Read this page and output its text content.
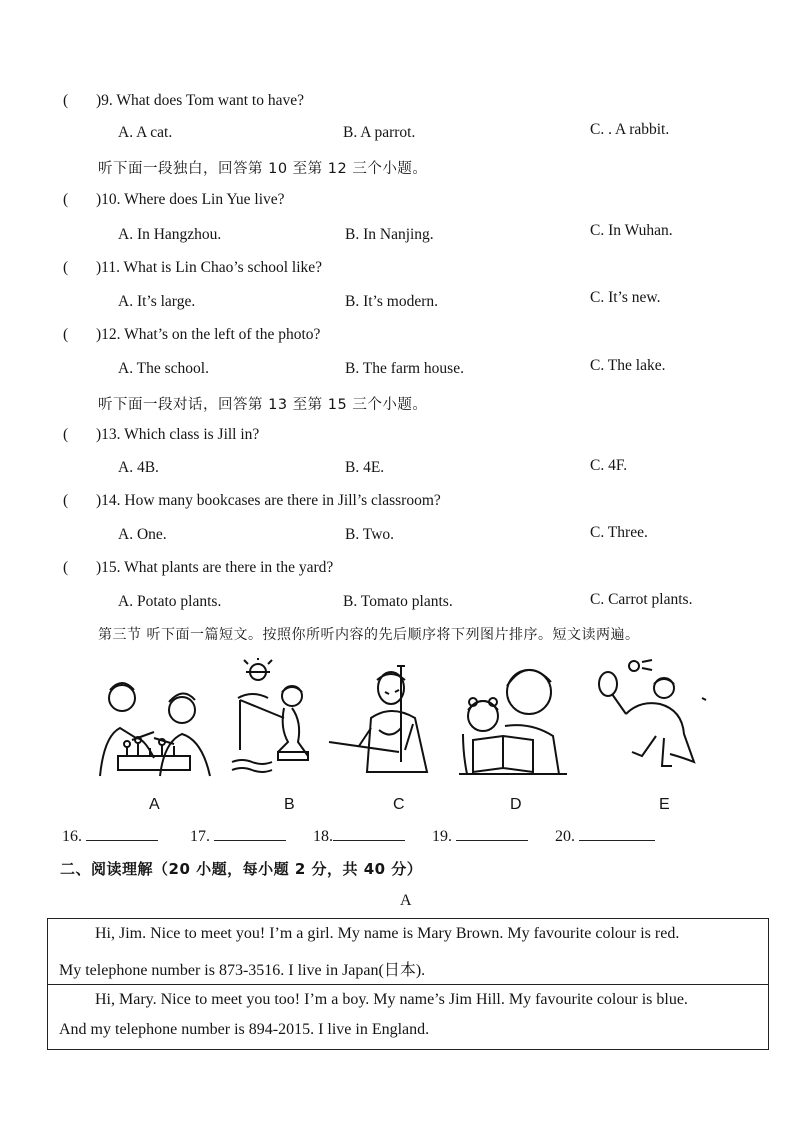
( )9. What does Tom want to have?
A. A cat.	B. A parrot.	C. . A rabbit.
听下面一段独白，回答第 10 至第 12 三个小题。
( )10. Where does Lin Yue live?
A. In Hangzhou.	B. In Nanjing.	C. In Wuhan.
( )11. What is Lin Chao’s school like?
A. It’s large.	B. It’s modern.	C. It’s new.
( )12. What’s on the left of the photo?
A. The school.	B. The farm house.	C. The lake.
听下面一段对话，回答第 13 至第 15 三个小题。
( )13. Which class is Jill in?
A. 4B.	B. 4E.	C. 4F.
( )14. How many bookcases are there in Jill’s classroom?
A. One.	B. Two.	C. Three.
( )15. What plants are there in the yard?
A. Potato plants.	B. Tomato plants.	C. Carrot plants.
第三节 听下面一篇短文。按照你所听内容的先后顺序将下列图片排序。短文读两遍。
A	B	C	D	E
16.	17.	18.	19.	20.
二、阅读理解（20 小题，每小题 2 分，共 40 分）
A
Hi, Jim. Nice to meet you! I’m a girl. My name is Mary Brown. My favourite colour is red.
My telephone number is 873-3516. I live in Japan(日本).
Hi, Mary. Nice to meet you too! I’m a boy. My name’s Jim Hill. My favourite colour is blue.
And my telephone number is 894-2015. I live in England.
